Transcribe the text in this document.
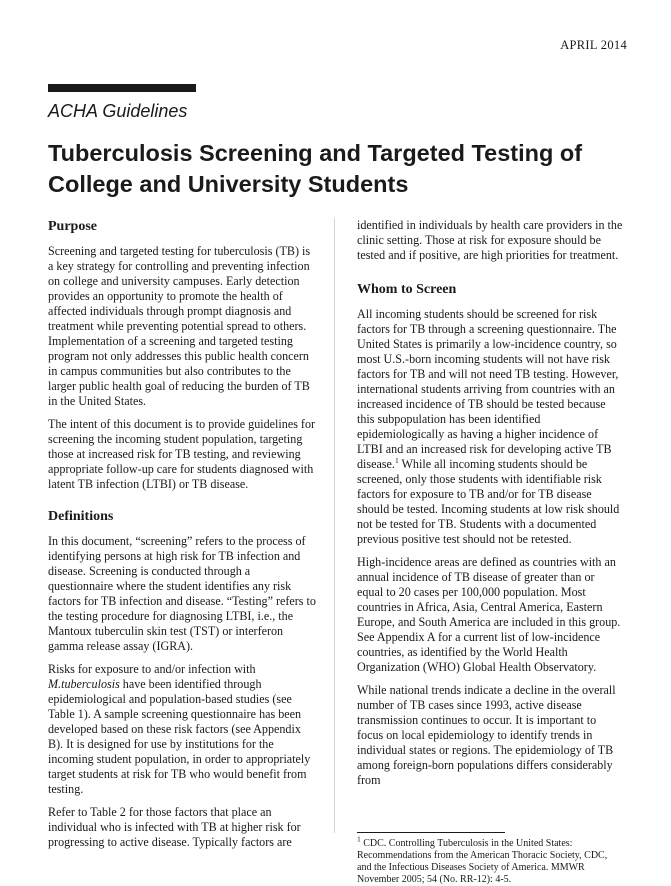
APRIL 2014
ACHA Guidelines
Tuberculosis Screening and Targeted Testing of College and University Students
Purpose

Screening and targeted testing for tuberculosis (TB) is a key strategy for controlling and preventing infection on college and university campuses. Early detection provides an opportunity to promote the health of affected individuals through prompt diagnosis and treatment while preventing potential spread to others. Implementation of a screening and targeted testing program not only addresses this public health concern in campus communities but also contributes to the larger public health goal of reducing the burden of TB in the United States.

The intent of this document is to provide guidelines for screening the incoming student population, targeting those at increased risk for TB testing, and reviewing appropriate follow-up care for students diagnosed with latent TB infection (LTBI) or TB disease.

Definitions

In this document, “screening” refers to the process of identifying persons at high risk for TB infection and disease. Screening is conducted through a questionnaire where the student identifies any risk factors for TB infection and disease. “Testing” refers to the testing procedure for diagnosing LTBI, i.e., the Mantoux tuberculin skin test (TST) or interferon gamma release assay (IGRA).

Risks for exposure to and/or infection with M.tuberculosis have been identified through epidemiological and population-based studies (see Table 1). A sample screening questionnaire has been developed based on these risk factors (see Appendix B). It is designed for use by institutions for the incoming student population, in order to appropriately target students at risk for TB who would benefit from testing.

Refer to Table 2 for those factors that place an individual who is infected with TB at higher risk for progressing to active disease. Typically factors are

identified in individuals by health care providers in the clinic setting. Those at risk for exposure should be tested and if positive, are high priorities for treatment.

Whom to Screen

All incoming students should be screened for risk factors for TB through a screening questionnaire. The United States is primarily a low-incidence country, so most U.S.-born incoming students will not have risk factors for TB and will not need TB testing. However, international students arriving from countries with an increased incidence of TB should be tested because this subpopulation has been identified epidemiologically as having a higher incidence of LTBI and an increased risk for developing active TB disease.$^1$ While all incoming students should be screened, only those students with identifiable risk factors for exposure to TB and/or for TB disease should be tested. Incoming students at low risk should not be tested for TB. Students with a documented previous positive test should not be retested.

High-incidence areas are defined as countries with an annual incidence of TB disease of greater than or equal to 20 cases per 100,000 population. Most countries in Africa, Asia, Central America, Eastern Europe, and South America are included in this group. See Appendix A for a current list of low-incidence countries, as identified by the World Health Organization (WHO) Global Health Observatory.

While national trends indicate a decline in the overall number of TB cases since 1993, active disease transmission continues to occur. It is important to focus on local epidemiology to identify trends in individual states or regions. The epidemiology of TB among foreign-born populations differs considerably from

$^1$ CDC. Controlling Tuberculosis in the United States: Recommendations from the American Thoracic Society, CDC, and the Infectious Diseases Society of America. MMWR November 2005; 54 (No. RR-12): 4-5.
